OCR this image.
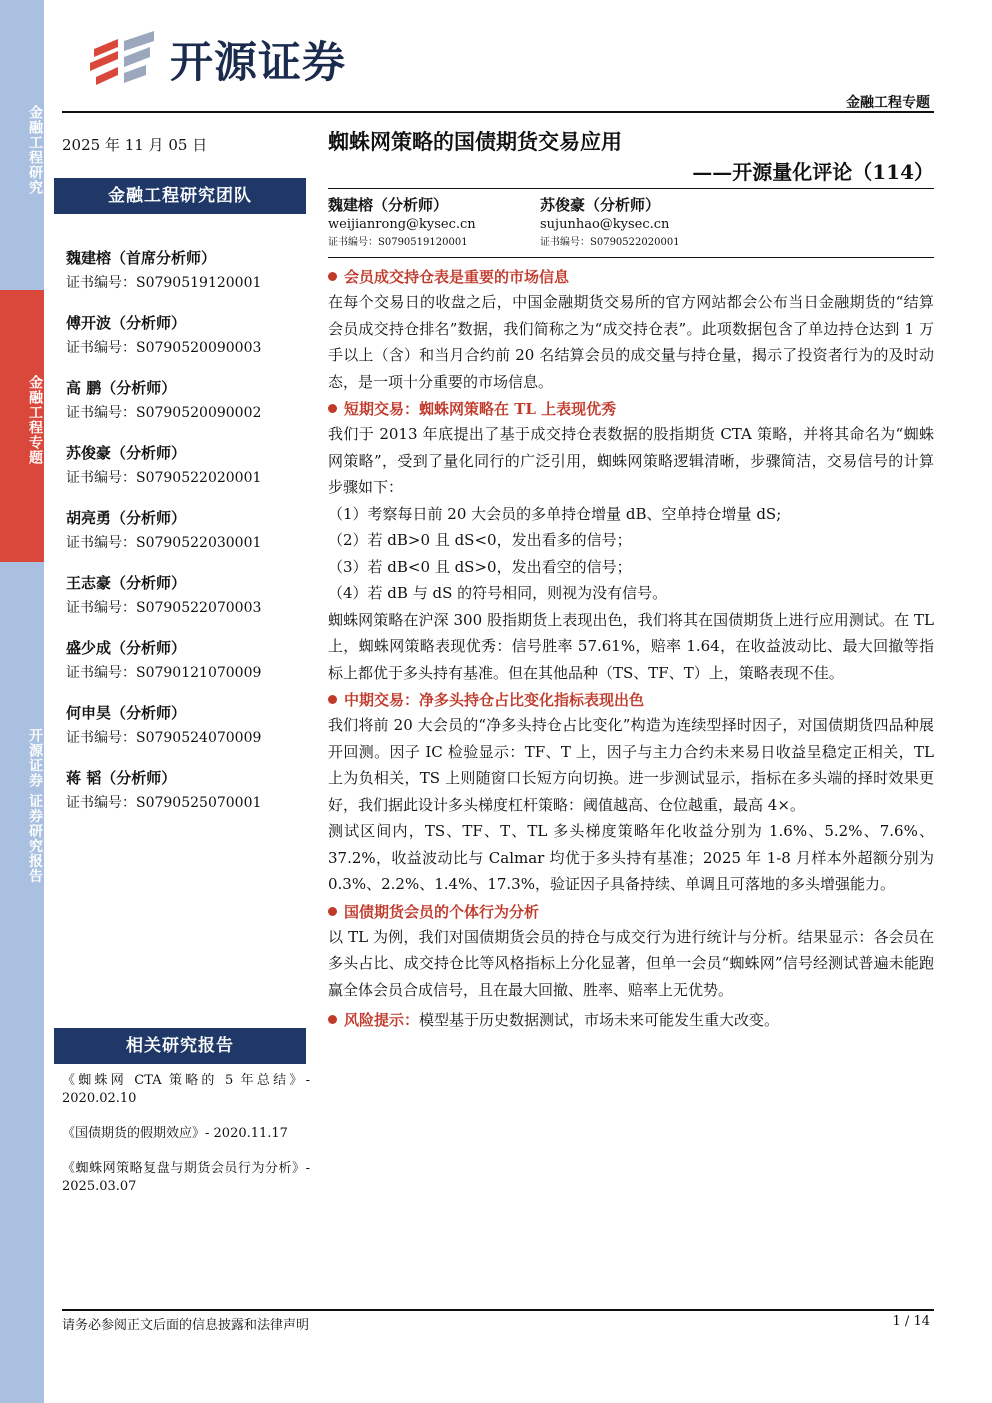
金融工程研究
金融工程专题
开源证券 证券研究报告
开源证券
金融工程专题
2025 年 11 月 05 日
金融工程研究团队
魏建榕（首席分析师）
证书编号：S0790519120001
傅开波（分析师）
证书编号：S0790520090003
高 鹏（分析师）
证书编号：S0790520090002
苏俊豪（分析师）
证书编号：S0790522020001
胡亮勇（分析师）
证书编号：S0790522030001
王志豪（分析师）
证书编号：S0790522070003
盛少成（分析师）
证书编号：S0790121070009
何申昊（分析师）
证书编号：S0790524070009
蒋 韬（分析师）
证书编号：S0790525070001
相关研究报告
《蜘蛛网 CTA 策略的 5 年总结》- 2020.02.10
《国债期货的假期效应》- 2020.11.17
《蜘蛛网策略复盘与期货会员行为分析》- 2025.03.07
蜘蛛网策略的国债期货交易应用
——开源量化评论（114）
魏建榕（分析师）
weijianrong@kysec.cn
证书编号：S0790519120001
苏俊豪（分析师）
sujunhao@kysec.cn
证书编号：S0790522020001
会员成交持仓表是重要的市场信息
在每个交易日的收盘之后，中国金融期货交易所的官方网站都会公布当日金融期货的“结算会员成交持仓排名”数据，我们简称之为“成交持仓表”。此项数据包含了单边持仓达到 1 万手以上（含）和当月合约前 20 名结算会员的成交量与持仓量，揭示了投资者行为的及时动态，是一项十分重要的市场信息。
短期交易：蜘蛛网策略在 TL 上表现优秀
我们于 2013 年底提出了基于成交持仓表数据的股指期货 CTA 策略，并将其命名为“蜘蛛网策略”，受到了量化同行的广泛引用，蜘蛛网策略逻辑清晰，步骤简洁，交易信号的计算步骤如下：
（1）考察每日前 20 大会员的多单持仓增量 dB、空单持仓增量 dS;
（2）若 dB>0 且 dS<0，发出看多的信号；
（3）若 dB<0 且 dS>0，发出看空的信号；
（4）若 dB 与 dS 的符号相同，则视为没有信号。
蜘蛛网策略在沪深 300 股指期货上表现出色，我们将其在国债期货上进行应用测试。在 TL 上，蜘蛛网策略表现优秀：信号胜率 57.61%，赔率 1.64，在收益波动比、最大回撤等指标上都优于多头持有基准。但在其他品种（TS、TF、T）上，策略表现不佳。
中期交易：净多头持仓占比变化指标表现出色
我们将前 20 大会员的“净多头持仓占比变化”构造为连续型择时因子，对国债期货四品种展开回测。因子 IC 检验显示：TF、T 上，因子与主力合约未来易日收益呈稳定正相关，TL 上为负相关，TS 上则随窗口长短方向切换。进一步测试显示，指标在多头端的择时效果更好，我们据此设计多头梯度杠杆策略：阈值越高、仓位越重，最高 4×。
测试区间内，TS、TF、T、TL 多头梯度策略年化收益分别为 1.6%、5.2%、7.6%、37.2%，收益波动比与 Calmar 均优于多头持有基准；2025 年 1-8 月样本外超额分别为 0.3%、2.2%、1.4%、17.3%，验证因子具备持续、单调且可落地的多头增强能力。
国债期货会员的个体行为分析
以 TL 为例，我们对国债期货会员的持仓与成交行为进行统计与分析。结果显示：各会员在多头占比、成交持仓比等风格指标上分化显著，但单一会员“蜘蛛网”信号经测试普遍未能跑赢全体会员合成信号，且在最大回撤、胜率、赔率上无优势。
风险提示：模型基于历史数据测试，市场未来可能发生重大改变。
请务必参阅正文后面的信息披露和法律声明	1 / 14
